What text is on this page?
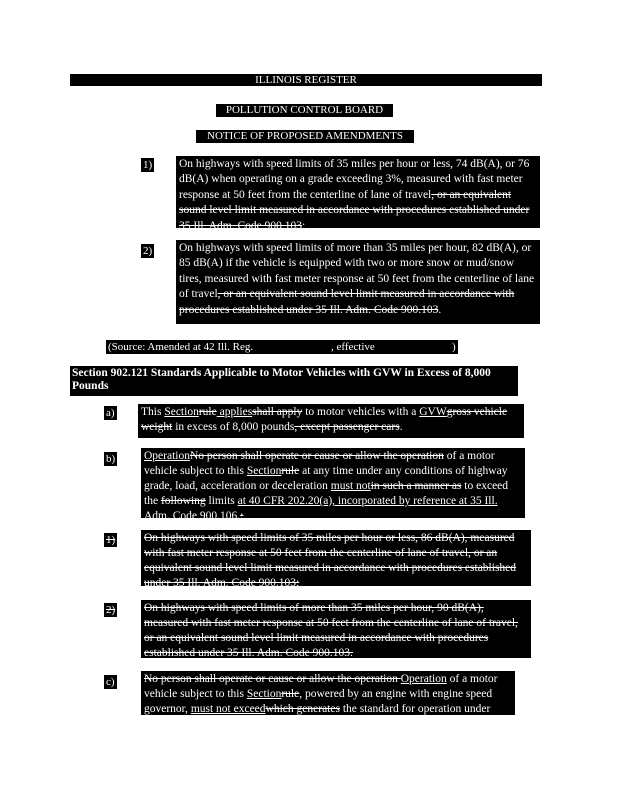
ILLINOIS REGISTER
POLLUTION CONTROL BOARD
NOTICE OF PROPOSED AMENDMENTS
1) On highways with speed limits of 35 miles per hour or less, 74 dB(A), or 76 dB(A) when operating on a grade exceeding 3%, measured with fast meter response at 50 feet from the centerline of lane of travel, or an equivalent sound level limit measured in accordance with procedures established under 35 Ill. Adm. Code 900.103;
2) On highways with speed limits of more than 35 miles per hour, 82 dB(A), or 85 dB(A) if the vehicle is equipped with two or more snow or mud/snow tires, measured with fast meter response at 50 feet from the centerline of lane of travel, or an equivalent sound level limit measured in accordance with procedures established under 35 Ill. Adm. Code 900.103.
(Source: Amended at 42 Ill. Reg.	, effective	)
Section 902.121 Standards Applicable to Motor Vehicles with GVW in Excess of 8,000 Pounds
a) This Sectionrule appliesshall apply to motor vehicles with a GVWgross vehicle weight in excess of 8,000 pounds, except passenger cars.
b)	OperationNo person shall operate or cause or allow the operation of a motor vehicle subject to this Sectionrule at any time under any conditions of highway grade, load, acceleration or deceleration must notin such a manner as to exceed the following limits at 40 CFR 202.20(a), incorporated by reference at 35 Ill. Adm. Code 900.106.:
1)	On highways with speed limits of 35 miles per hour or less, 86 dB(A), measured with fast meter response at 50 feet from the centerline of lane of travel, or an equivalent sound level limit measured in accordance with procedures established under 35 Ill. Adm. Code 900.103;
2)	On highways with speed limits of more than 35 miles per hour, 90 dB(A), measured with fast meter response at 50 feet from the centerline of lane of travel, or an equivalent sound level limit measured in accordance with procedures established under 35 Ill. Adm. Code 900.103.
c)	No person shall operate or cause or allow the operation Operation of a motor vehicle subject to this Sectionrule, powered by an engine with engine speed governor, must not exceedwhich generates the standard for operation under
